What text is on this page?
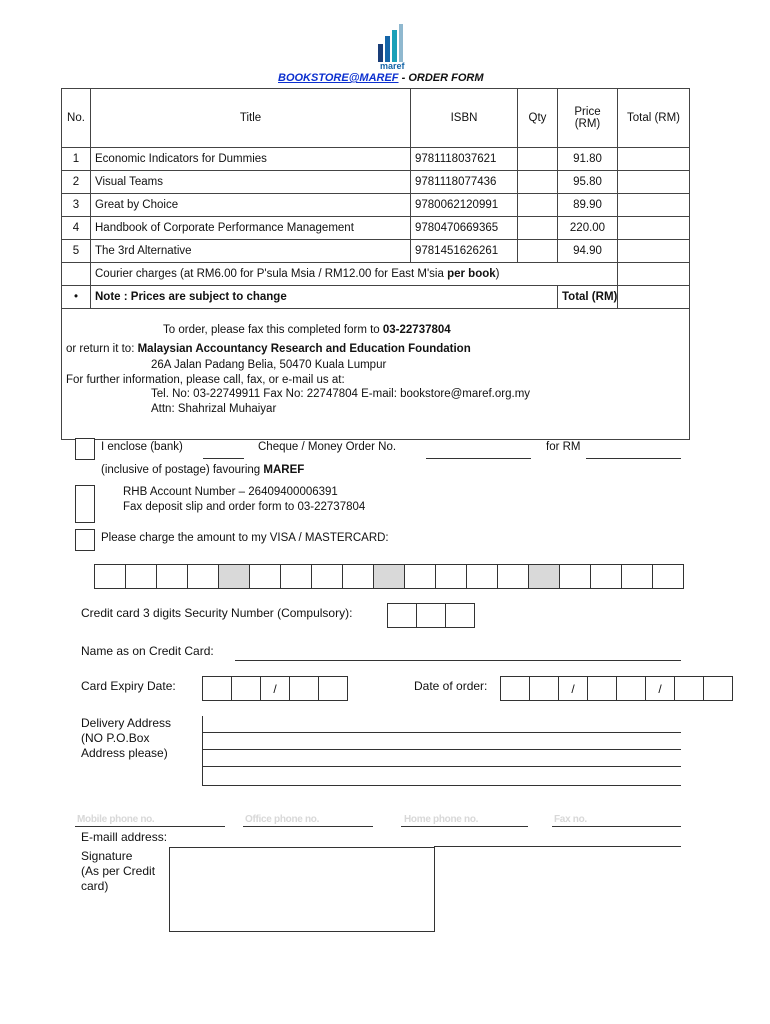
maref
BOOKSTORE@MAREF - ORDER FORM
No.	Title	ISBN	Qty	Price (RM)	Total (RM)
1	Economic Indicators for Dummies	9781118037621		91.80	
2	Visual Teams	9781118077436		95.80	
3	Great by Choice	9780062120991		89.90	
4	Handbook of Corporate Performance Management	9780470669365		220.00	
5	The 3rd Alternative	9781451626261		94.90	
	Courier charges (at RM6.00 for P'sula Msia / RM12.00 for East M'sia per book)				
•	Note : Prices are subject to change			Total (RM)	
To order, please fax this completed form to 03-22737804
or return it to: Malaysian Accountancy Research and Education Foundation
26A Jalan Padang Belia, 50470 Kuala Lumpur
For further information, please call, fax, or e-mail us at:
Tel. No: 03-22749911 Fax No: 22747804 E-mail: bookstore@maref.org.my
Attn: Shahrizal Muhaiyar
I enclose (bank)	Cheque / Money Order No.	for RM
(inclusive of postage) favouring MAREF
RHB Account Number – 26409400006391
Fax deposit slip and order form to 03-22737804
Please charge the amount to my VISA / MASTERCARD:
Credit card 3 digits Security Number (Compulsory):
Name as on Credit Card:
Card Expiry Date:	/	Date of order:	/	/
Delivery Address
(NO P.O.Box
Address please)
Mobile phone no.	Office phone no.	Home phone no.	Fax no.
E-maill address:
Signature
(As per Credit
card)
